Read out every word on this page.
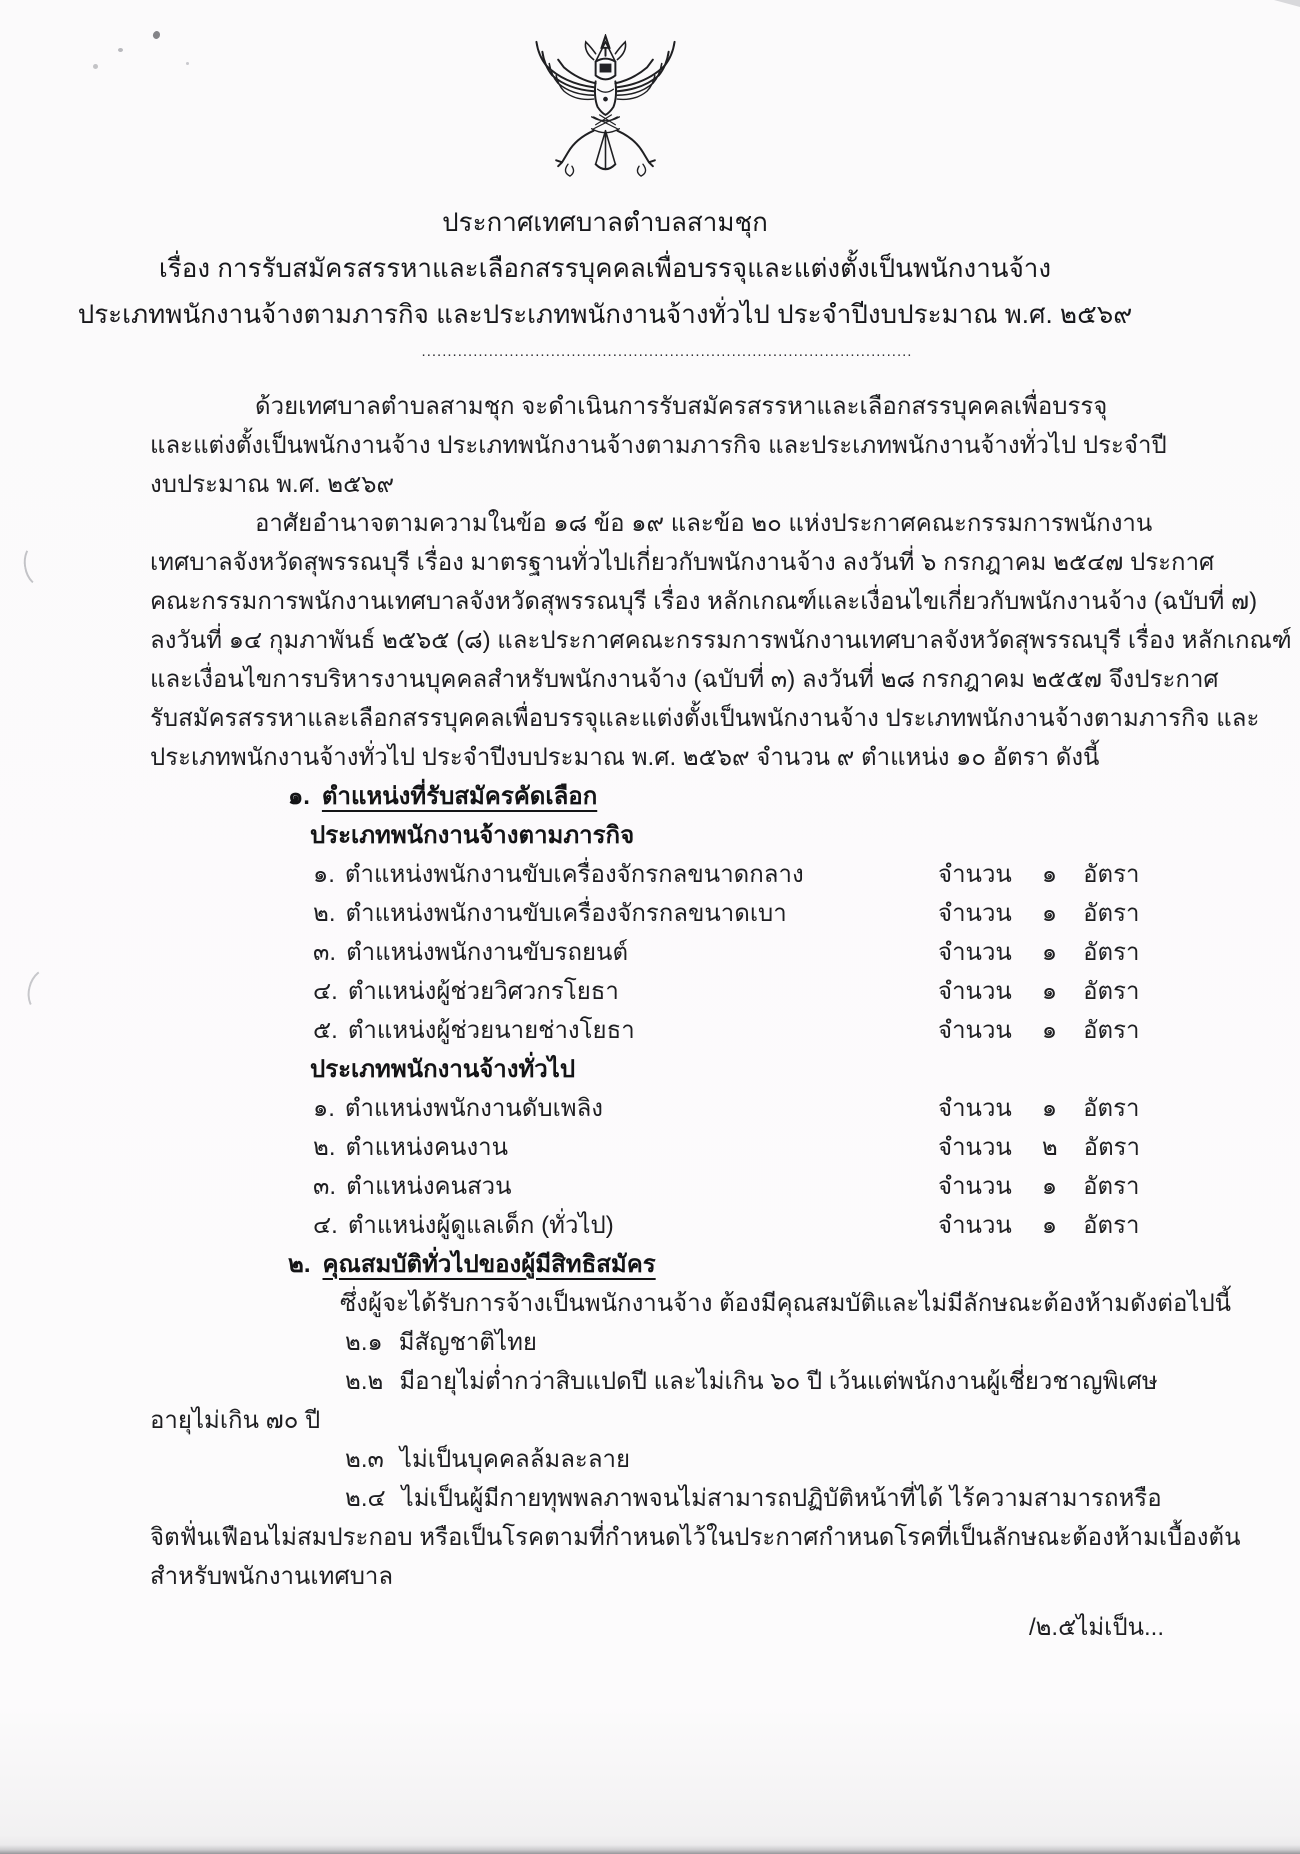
ประกาศเทศบาลตำบลสามชุก
เรื่อง การรับสมัครสรรหาและเลือกสรรบุคคลเพื่อบรรจุและแต่งตั้งเป็นพนักงานจ้าง
ประเภทพนักงานจ้างตามภารกิจ และประเภทพนักงานจ้างทั่วไป ประจำปีงบประมาณ พ.ศ. ๒๕๖๙
...............................................................................................
ด้วยเทศบาลตำบลสามชุก จะดำเนินการรับสมัครสรรหาและเลือกสรรบุคคลเพื่อบรรจุ
และแต่งตั้งเป็นพนักงานจ้าง ประเภทพนักงานจ้างตามภารกิจ และประเภทพนักงานจ้างทั่วไป ประจำปี
งบประมาณ พ.ศ. ๒๕๖๙
อาศัยอำนาจตามความในข้อ ๑๘ ข้อ ๑๙ และข้อ ๒๐ แห่งประกาศคณะกรรมการพนักงาน
เทศบาลจังหวัดสุพรรณบุรี เรื่อง มาตรฐานทั่วไปเกี่ยวกับพนักงานจ้าง ลงวันที่ ๖ กรกฎาคม ๒๕๔๗ ประกาศ
คณะกรรมการพนักงานเทศบาลจังหวัดสุพรรณบุรี เรื่อง หลักเกณฑ์และเงื่อนไขเกี่ยวกับพนักงานจ้าง (ฉบับที่ ๗)
ลงวันที่ ๑๔ กุมภาพันธ์ ๒๕๖๕ (๘) และประกาศคณะกรรมการพนักงานเทศบาลจังหวัดสุพรรณบุรี เรื่อง หลักเกณฑ์
และเงื่อนไขการบริหารงานบุคคลสำหรับพนักงานจ้าง (ฉบับที่ ๓) ลงวันที่ ๒๘ กรกฎาคม ๒๕๕๗ จึงประกาศ
รับสมัครสรรหาและเลือกสรรบุคคลเพื่อบรรจุและแต่งตั้งเป็นพนักงานจ้าง ประเภทพนักงานจ้างตามภารกิจ และ
ประเภทพนักงานจ้างทั่วไป ประจำปีงบประมาณ พ.ศ. ๒๕๖๙ จำนวน ๙ ตำแหน่ง ๑๐ อัตรา ดังนี้
๑. ตำแหน่งที่รับสมัครคัดเลือก
ประเภทพนักงานจ้างตามภารกิจ
๑. ตำแหน่งพนักงานขับเครื่องจักรกลขนาดกลาง	จำนวน ๑ อัตรา
๒. ตำแหน่งพนักงานขับเครื่องจักรกลขนาดเบา	จำนวน ๑ อัตรา
๓. ตำแหน่งพนักงานขับรถยนต์	จำนวน ๑ อัตรา
๔. ตำแหน่งผู้ช่วยวิศวกรโยธา	จำนวน ๑ อัตรา
๕. ตำแหน่งผู้ช่วยนายช่างโยธา	จำนวน ๑ อัตรา
ประเภทพนักงานจ้างทั่วไป
๑. ตำแหน่งพนักงานดับเพลิง	จำนวน ๑ อัตรา
๒. ตำแหน่งคนงาน	จำนวน ๒ อัตรา
๓. ตำแหน่งคนสวน	จำนวน ๑ อัตรา
๔. ตำแหน่งผู้ดูแลเด็ก (ทั่วไป)	จำนวน ๑ อัตรา
๒. คุณสมบัติทั่วไปของผู้มีสิทธิสมัคร
ซึ่งผู้จะได้รับการจ้างเป็นพนักงานจ้าง ต้องมีคุณสมบัติและไม่มีลักษณะต้องห้ามดังต่อไปนี้
๒.๑ มีสัญชาติไทย
๒.๒ มีอายุไม่ต่ำกว่าสิบแปดปี และไม่เกิน ๖๐ ปี เว้นแต่พนักงานผู้เชี่ยวชาญพิเศษ
อายุไม่เกิน ๗๐ ปี
๒.๓ ไม่เป็นบุคคลล้มละลาย
๒.๔ ไม่เป็นผู้มีกายทุพพลภาพจนไม่สามารถปฏิบัติหน้าที่ได้ ไร้ความสามารถหรือ
จิตฟั่นเฟือนไม่สมประกอบ หรือเป็นโรคตามที่กำหนดไว้ในประกาศกำหนดโรคที่เป็นลักษณะต้องห้ามเบื้องต้น
สำหรับพนักงานเทศบาล
/๒.๕ไม่เป็น...
